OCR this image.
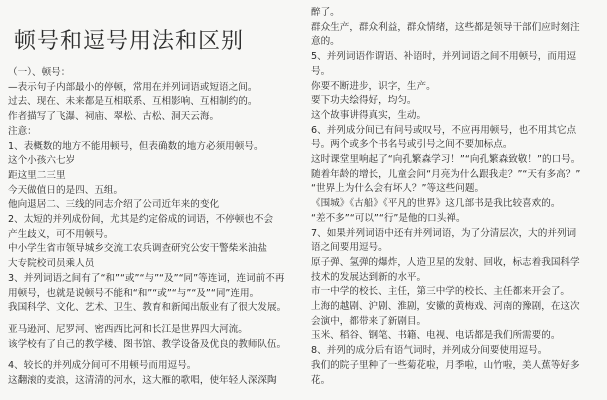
顿号和逗号用法和区别
（一）、顿号：
—表示句子内部最小的停顿，常用在并列词语或短语之间。
过去、现在、未来都是互相联系、互相影响、互相制约的。
作者描写了飞瀑、祠庙、翠松、古松、洞天云海。
注意：
1、表概数的地方不能用顿号，但表确数的地方必须用顿号。
这个小孩六七岁
距这里二三里
今天做值日的是四、五组。
他向退居二、三线的同志介绍了公司近年来的变化
2、太短的并列成份间，尤其是约定俗成的词语，不停顿也不会
产生歧义，可不用顿号。
中小学生省市领导城乡交流工农兵调查研究公安干警柴米油盐
大专院校司员乘人员
3、并列词语之间有了“和”“或”“与”“及”“同”等连词，连词前不再
用顿号，也就是说顿号不能和“和”“或”“与”“及”“同”连用。
我国科学、文化、艺术、卫生、教育和新闻出版业有了很大发展。
亚马逊河、尼罗河、密西西比河和长江是世界四大河流。
该学校有了自己的教学楼、图书馆、教学设备及优良的教师队伍。
4、较长的并列成分间可不用顿号而用逗号。
这翻滚的麦浪，这清清的河水，这大雁的歌唱，使年轻人深深陶
醉了。
群众生产，群众利益，群众情绪，这些都是领导干部们应时刻注
意的。
5、并列词语作谓语、补语时，并列词语之间不用顿号，而用逗
号。
你要不断进步，识字，生产。
要下功夫绘得好，均匀。
这个故事讲得真实，生动。
6、并列成分间已有问号或叹号，不应再用顿号，也不用其它点
号。两个或多个书名号或引号之间不要加标点。
这时课堂里响起了“向孔繁森学习！”“向孔繁森致敬！”的口号。
随着年龄的增长，儿童会问“月亮为什么跟我走？”“天有多高？”
“世界上为什么会有坏人？”等这些问题。
《围城》《古船》《平凡的世界》这几部书是我比较喜欢的。
“差不多”“可以”“行”是他的口头禅。
7、如果并列词语中还有并列词语，为了分清层次，大的并列词
语之间要用逗号。
原子弹、氢弹的爆炸，人造卫星的发射、回收，标志着我国科学
技术的发展达到新的水平。
市一中学的校长、主任，第三中学的校长、主任都来开会了。
上海的越剧、沪剧、淮剧，安徽的黄梅戏、河南的豫剧，在这次
会演中，都带来了新剧目。
玉米、稻谷、钢笔、书籍、电视、电话都是我们所需要的。
8、并列的成分后有语气词时，并列成分间要使用逗号。
我们的院子里种了一些菊花啦，月季啦，山竹啦，美人蕉等好多
花。
